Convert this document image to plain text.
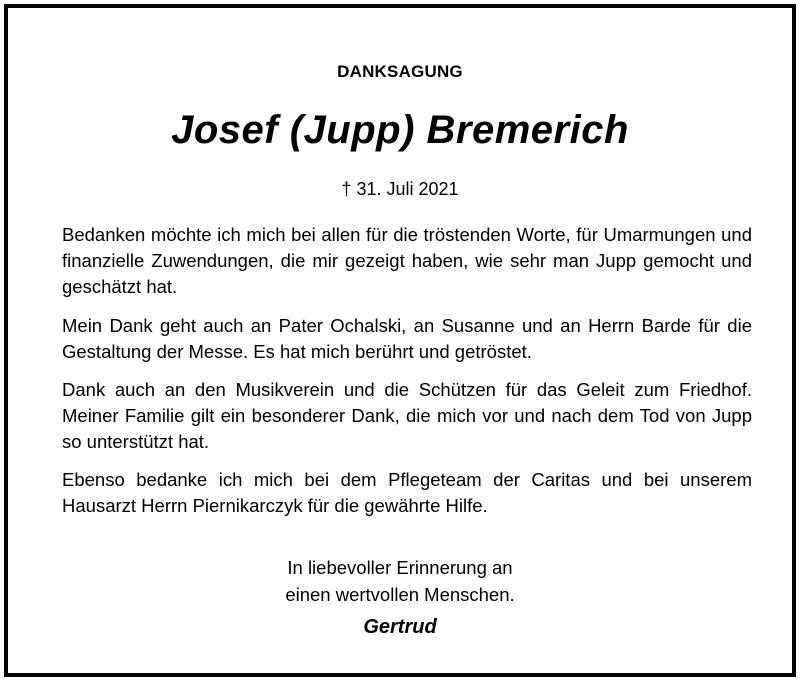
DANKSAGUNG
Josef (Jupp) Bremerich
† 31. Juli 2021

Bedanken möchte ich mich bei allen für die tröstenden Worte, für Umarmungen und finanzielle Zuwendungen, die mir gezeigt haben, wie sehr man Jupp gemocht und geschätzt hat.

Mein Dank geht auch an Pater Ochalski, an Susanne und an Herrn Barde für die Gestaltung der Messe. Es hat mich berührt und getröstet.

Dank auch an den Musikverein und die Schützen für das Geleit zum Friedhof. Meiner Familie gilt ein besonderer Dank, die mich vor und nach dem Tod von Jupp so unterstützt hat.

Ebenso bedanke ich mich bei dem Pflegeteam der Caritas und bei unserem Hausarzt Herrn Piernikarczyk für die gewährte Hilfe.

In liebevoller Erinnerung an
einen wertvollen Menschen.
Gertrud
